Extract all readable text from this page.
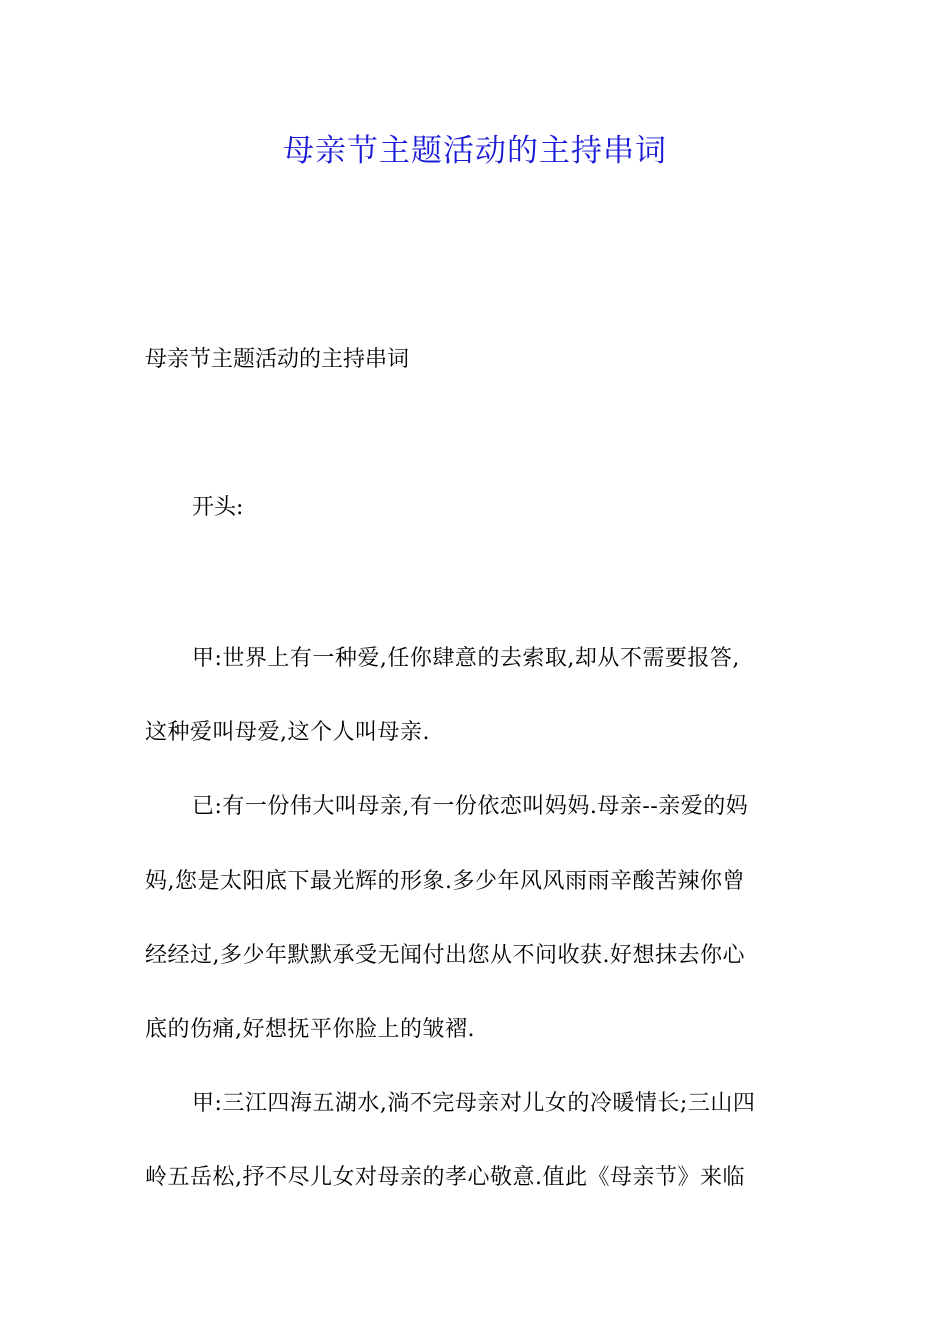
母亲节主题活动的主持串词
母亲节主题活动的主持串词
开头:
甲:世界上有一种爱,任你肆意的去索取,却从不需要报答,
这种爱叫母爱,这个人叫母亲.
已:有一份伟大叫母亲,有一份依恋叫妈妈.母亲--亲爱的妈
妈,您是太阳底下最光辉的形象.多少年风风雨雨辛酸苦辣你曾
经经过,多少年默默承受无闻付出您从不问收获.好想抹去你心
底的伤痛,好想抚平你脸上的皱褶.
甲:三江四海五湖水,淌不完母亲对儿女的冷暖情长;三山四
岭五岳松,抒不尽儿女对母亲的孝心敬意.值此《母亲节》来临
